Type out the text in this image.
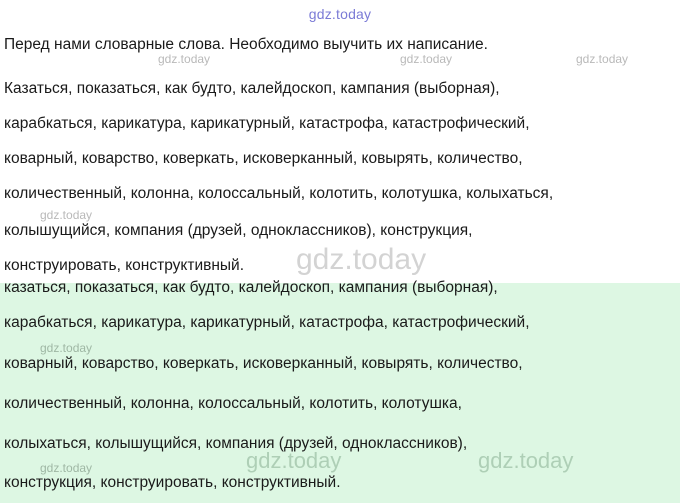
gdz.today
Перед нами словарные слова. Необходимо выучить их написание.
Казаться, показаться, как будто, калейдоскоп, кампания (выборная),
карабкаться, карикатура, карикатурный, катастрофа, катастрофический,
коварный, коварство, коверкать, исковерканный, ковырять, количество,
количественный, колонна, колоссальный, колотить, колотушка, колыхаться,
колышущийся, компания (друзей, одноклассников), конструкция,
конструировать, конструктивный.
gdz.today	gdz.today	gdz.today
gdz.today
gdz.today
казаться, показаться, как будто, калейдоскоп, кампания (выборная),
карабкаться, карикатура, карикатурный, катастрофа, катастрофический,
коварный, коварство, коверкать, исковерканный, ковырять, количество,
количественный, колонна, колоссальный, колотить, колотушка,
колыхаться, колышущийся, компания (друзей, одноклассников),
конструкция, конструировать, конструктивный.
gdz.today
gdz.today	gdz.today	gdz.today
